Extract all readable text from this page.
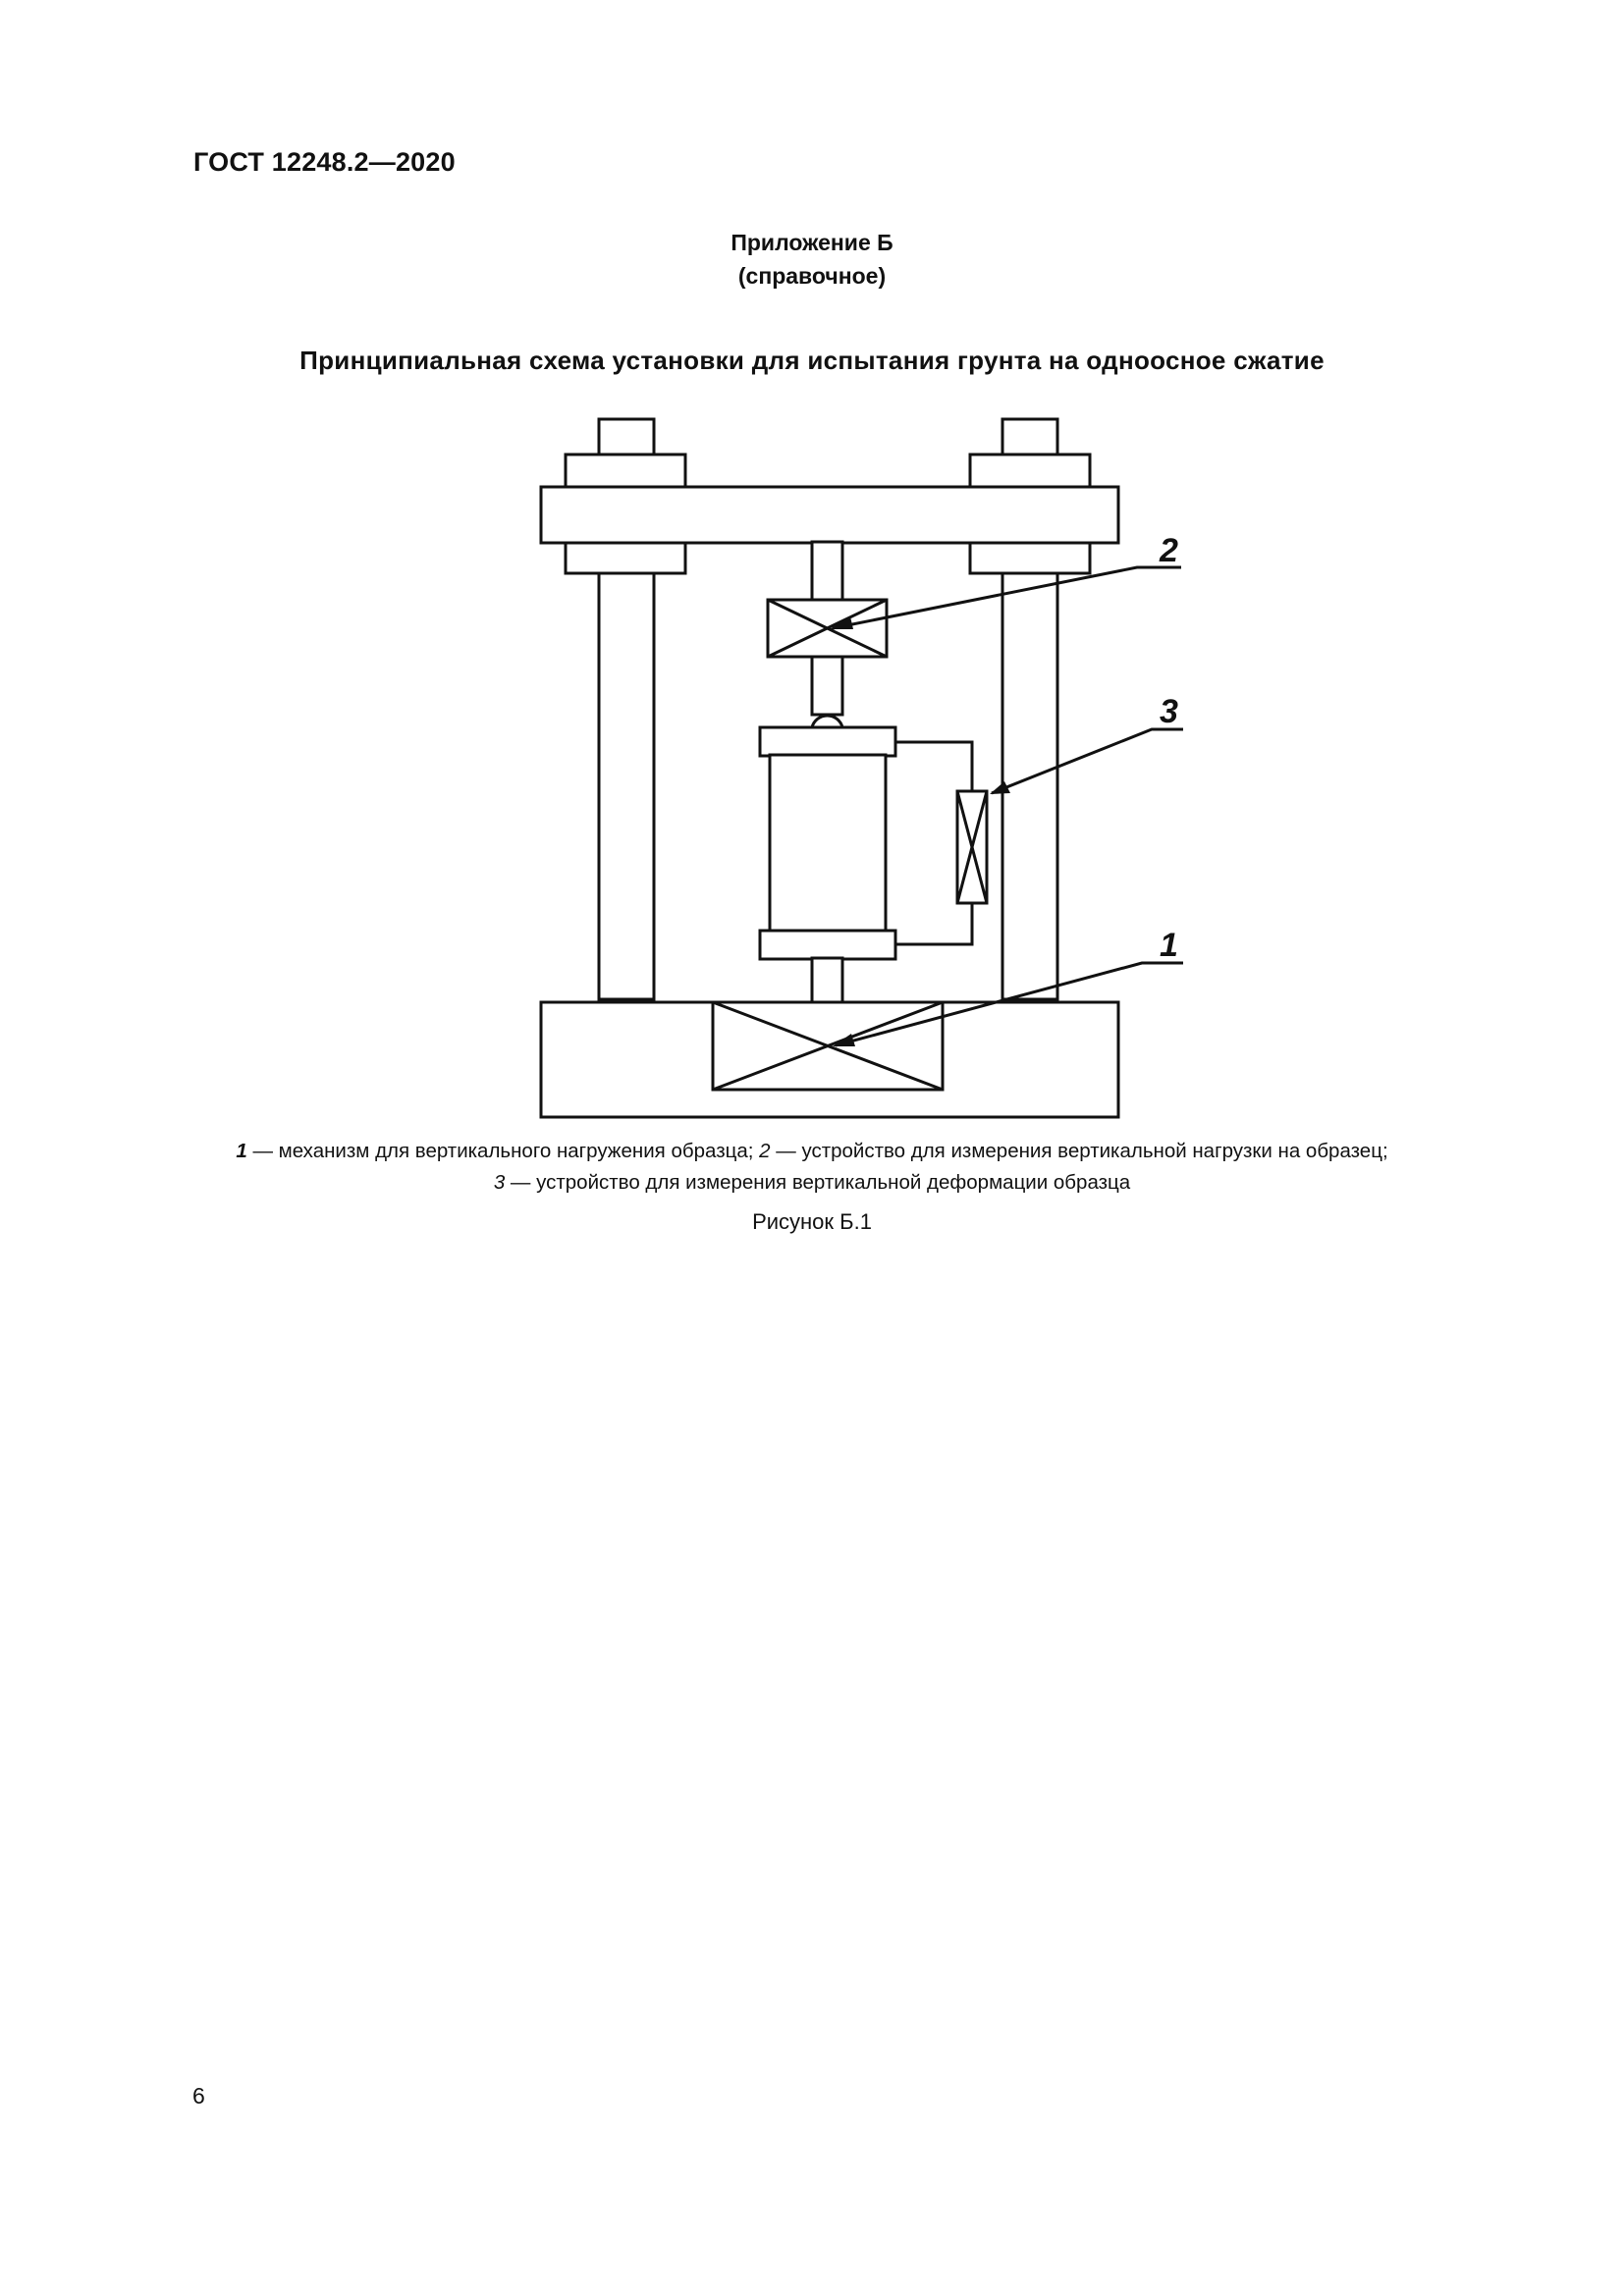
ГОСТ 12248.2—2020
Приложение Б
(справочное)
Принципиальная схема установки для испытания грунта на одноосное сжатие
2
3
1
1 — механизм для вертикального нагружения образца; 2 — устройство для измерения вертикальной нагрузки на образец;
3 — устройство для измерения вертикальной деформации образца
Рисунок Б.1
6
